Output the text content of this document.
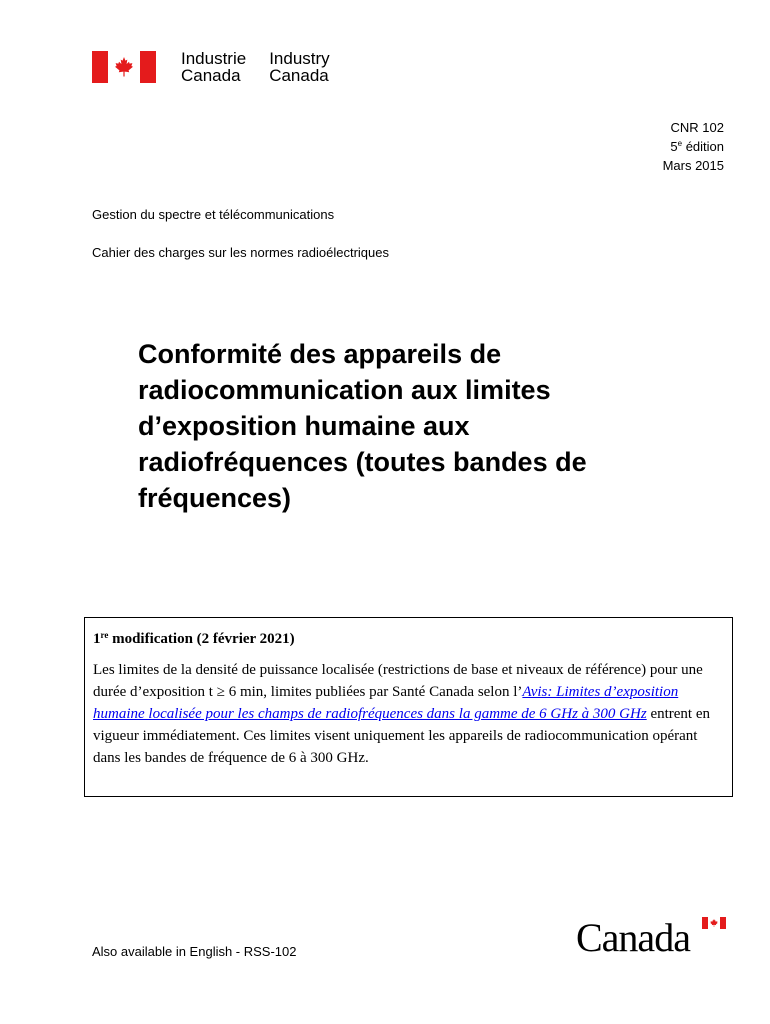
Industrie
Canada
Industry
Canada
CNR 102
5e édition
Mars 2015
Gestion du spectre et télécommunications
Cahier des charges sur les normes radioélectriques
Conformité des appareils de radiocommunication aux limites d’exposition humaine aux radiofréquences (toutes bandes de fréquences)
1re modification (2 février 2021)

Les limites de la densité de puissance localisée (restrictions de base et niveaux de référence) pour une durée d’exposition t ≥ 6 min, limites publiées par Santé Canada selon l’Avis: Limites d’exposition humaine localisée pour les champs de radiofréquences dans la gamme de 6 GHz à 300 GHz entrent en vigueur immédiatement. Ces limites visent uniquement les appareils de radiocommunication opérant dans les bandes de fréquence de 6 à 300 GHz.

Also available in English - RSS-102	Canada
